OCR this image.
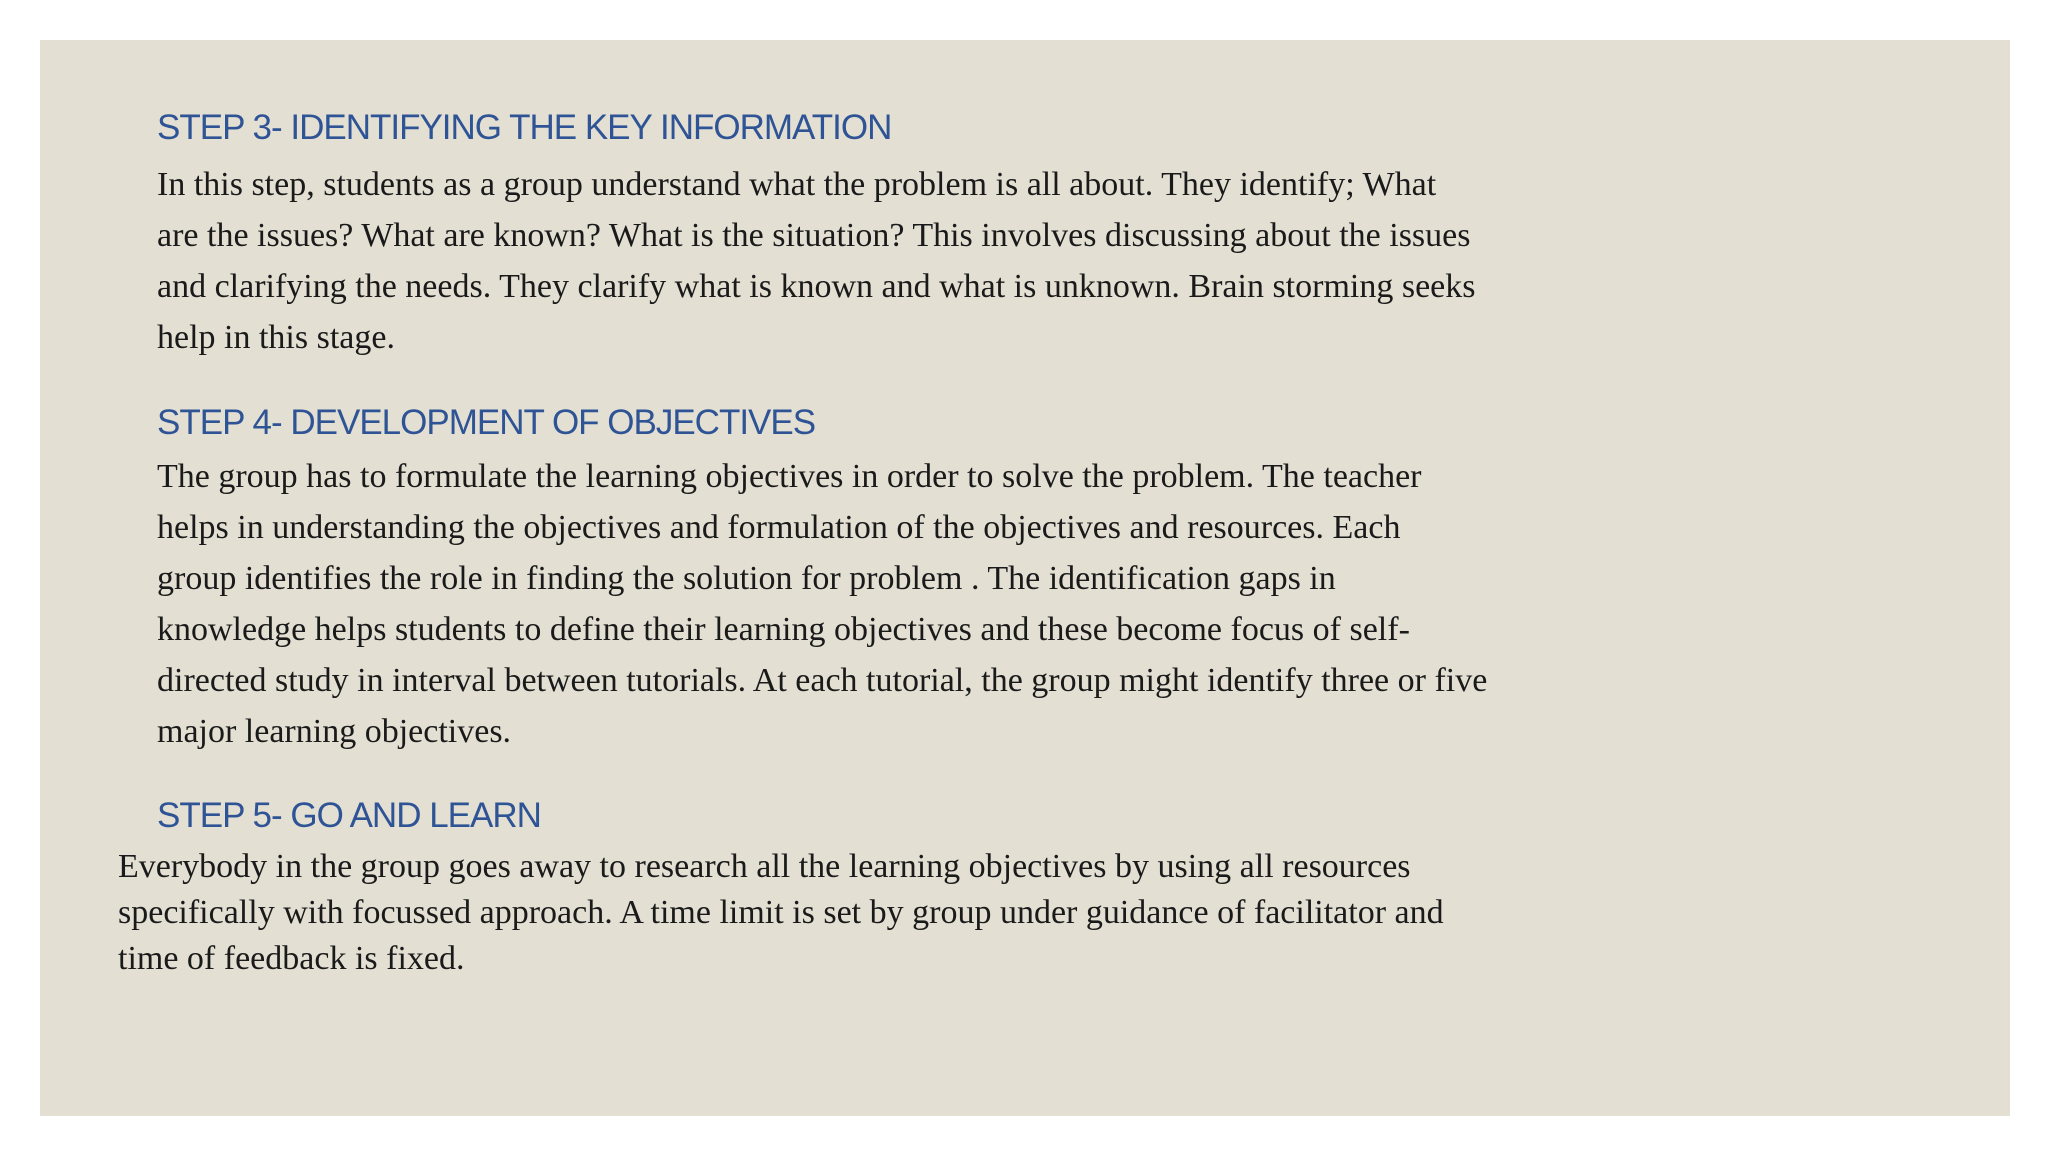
STEP 3- IDENTIFYING THE KEY INFORMATION

In this step, students as a group understand what the problem is all about. They identify; What
are the issues? What are known? What is the situation? This involves discussing about the issues
and clarifying the needs. They clarify what is known and what is unknown. Brain storming seeks
help in this stage.

STEP 4- DEVELOPMENT OF OBJECTIVES

The group has to formulate the learning objectives in order to solve the problem. The teacher
helps in understanding the objectives and formulation of the objectives and resources. Each
group identifies the role in finding the solution for problem . The identification gaps in
knowledge helps students to define their learning objectives and these become focus of self-
directed study in interval between tutorials. At each tutorial, the group might identify three or five
major learning objectives.

STEP 5- GO AND LEARN

Everybody in the group goes away to research all the learning objectives by using all resources
specifically with focussed approach. A time limit is set by group under guidance of facilitator and
time of feedback is fixed.
